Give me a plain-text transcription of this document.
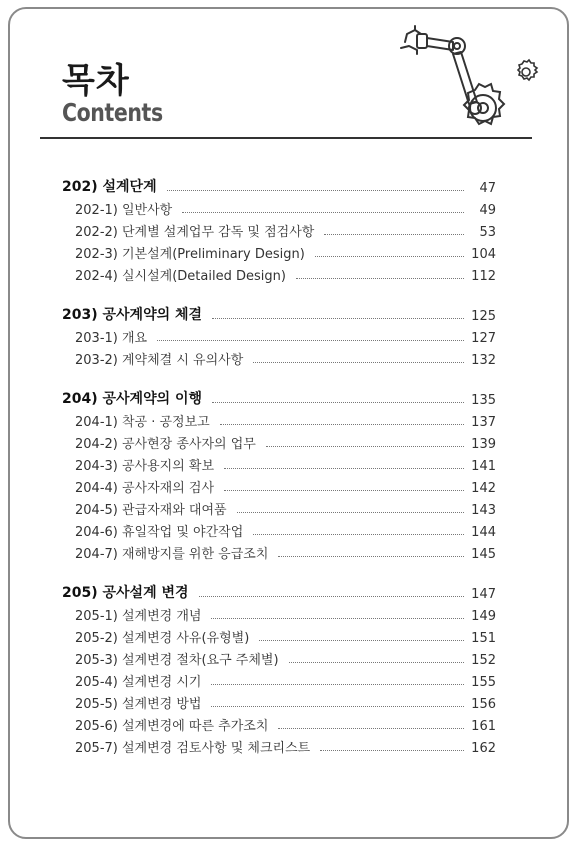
목차
Contents
202) 설계단계	47
202-1) 일반사항	49
202-2) 단계별 설계업무 감독 및 점검사항	53
202-3) 기본설계(Preliminary Design)	104
202-4) 실시설계(Detailed Design)	112
203) 공사계약의 체결	125
203-1) 개요	127
203-2) 계약체결 시 유의사항	132
204) 공사계약의 이행	135
204-1) 착공 · 공정보고	137
204-2) 공사현장 종사자의 업무	139
204-3) 공사용지의 확보	141
204-4) 공사자재의 검사	142
204-5) 관급자재와 대여품	143
204-6) 휴일작업 및 야간작업	144
204-7) 재해방지를 위한 응급조치	145
205) 공사설계 변경	147
205-1) 설계변경 개념	149
205-2) 설계변경 사유(유형별)	151
205-3) 설계변경 절차(요구 주체별)	152
205-4) 설계변경 시기	155
205-5) 설계변경 방법	156
205-6) 설계변경에 따른 추가조치	161
205-7) 설계변경 검토사항 및 체크리스트	162
